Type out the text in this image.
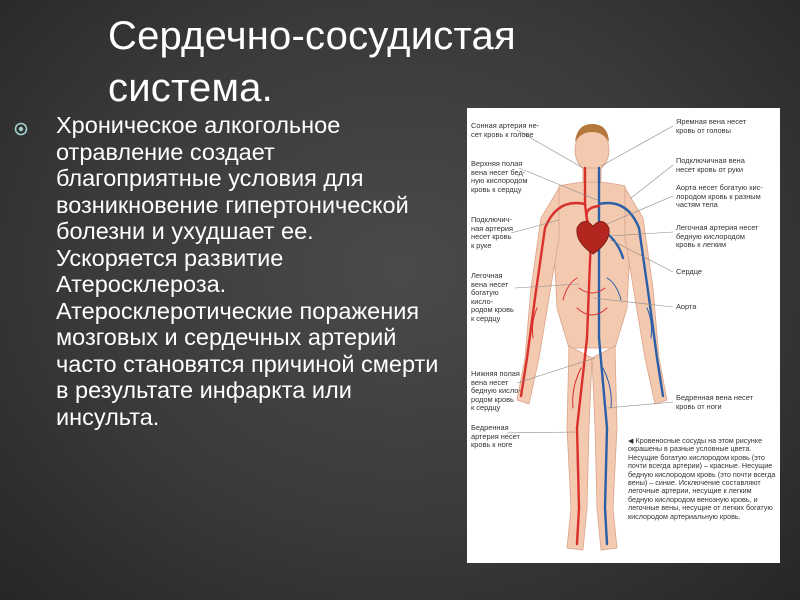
Сердечно-сосудистая система.
Хроническое алкогольное отравление создает благоприятные условия для возникновение гипертонической болезни и ухудшает ее. Ускоряется развитие Атеросклероза. Атеросклеротические поражения мозговых и сердечных артерий часто становятся причиной смерти в результате инфаркта или инсульта.
Сонная артерия не-
сет кровь к голове
Верхняя полая
вена несет бед-
ную кислородом
кровь к сердцу
Подключич-
ная артерия
несет кровь
к руке
Легочная
вена несет
богатую
кисло-
родом кровь
к сердцу
Нижняя полая
вена несет
бедную кисло-
родом кровь
к сердцу
Бедренная
артерия несет
кровь к ноге
Яремная вена несет
кровь от головы
Подключичная вена
несет кровь от руки
Аорта несет богатую кис-
лородом кровь к разным
частям тела
Легочная артерия несет
бедную кислородом
кровь к легким
Сердце
Аорта
Бедренная вена несет
кровь от ноги
◀ Кровеносные сосуды на этом рисунке окрашены в разные условные цвета. Несущие богатую кислородом кровь (это почти всегда артерии) – красные. Несущие бедную кислородом кровь (это почти всегда вены) – синие. Исключение составляют легочные артерии, несущие к легким бедную кислородом венозную кровь, и легочные вены, несущие от легких богатую кислородом артериальную кровь.
